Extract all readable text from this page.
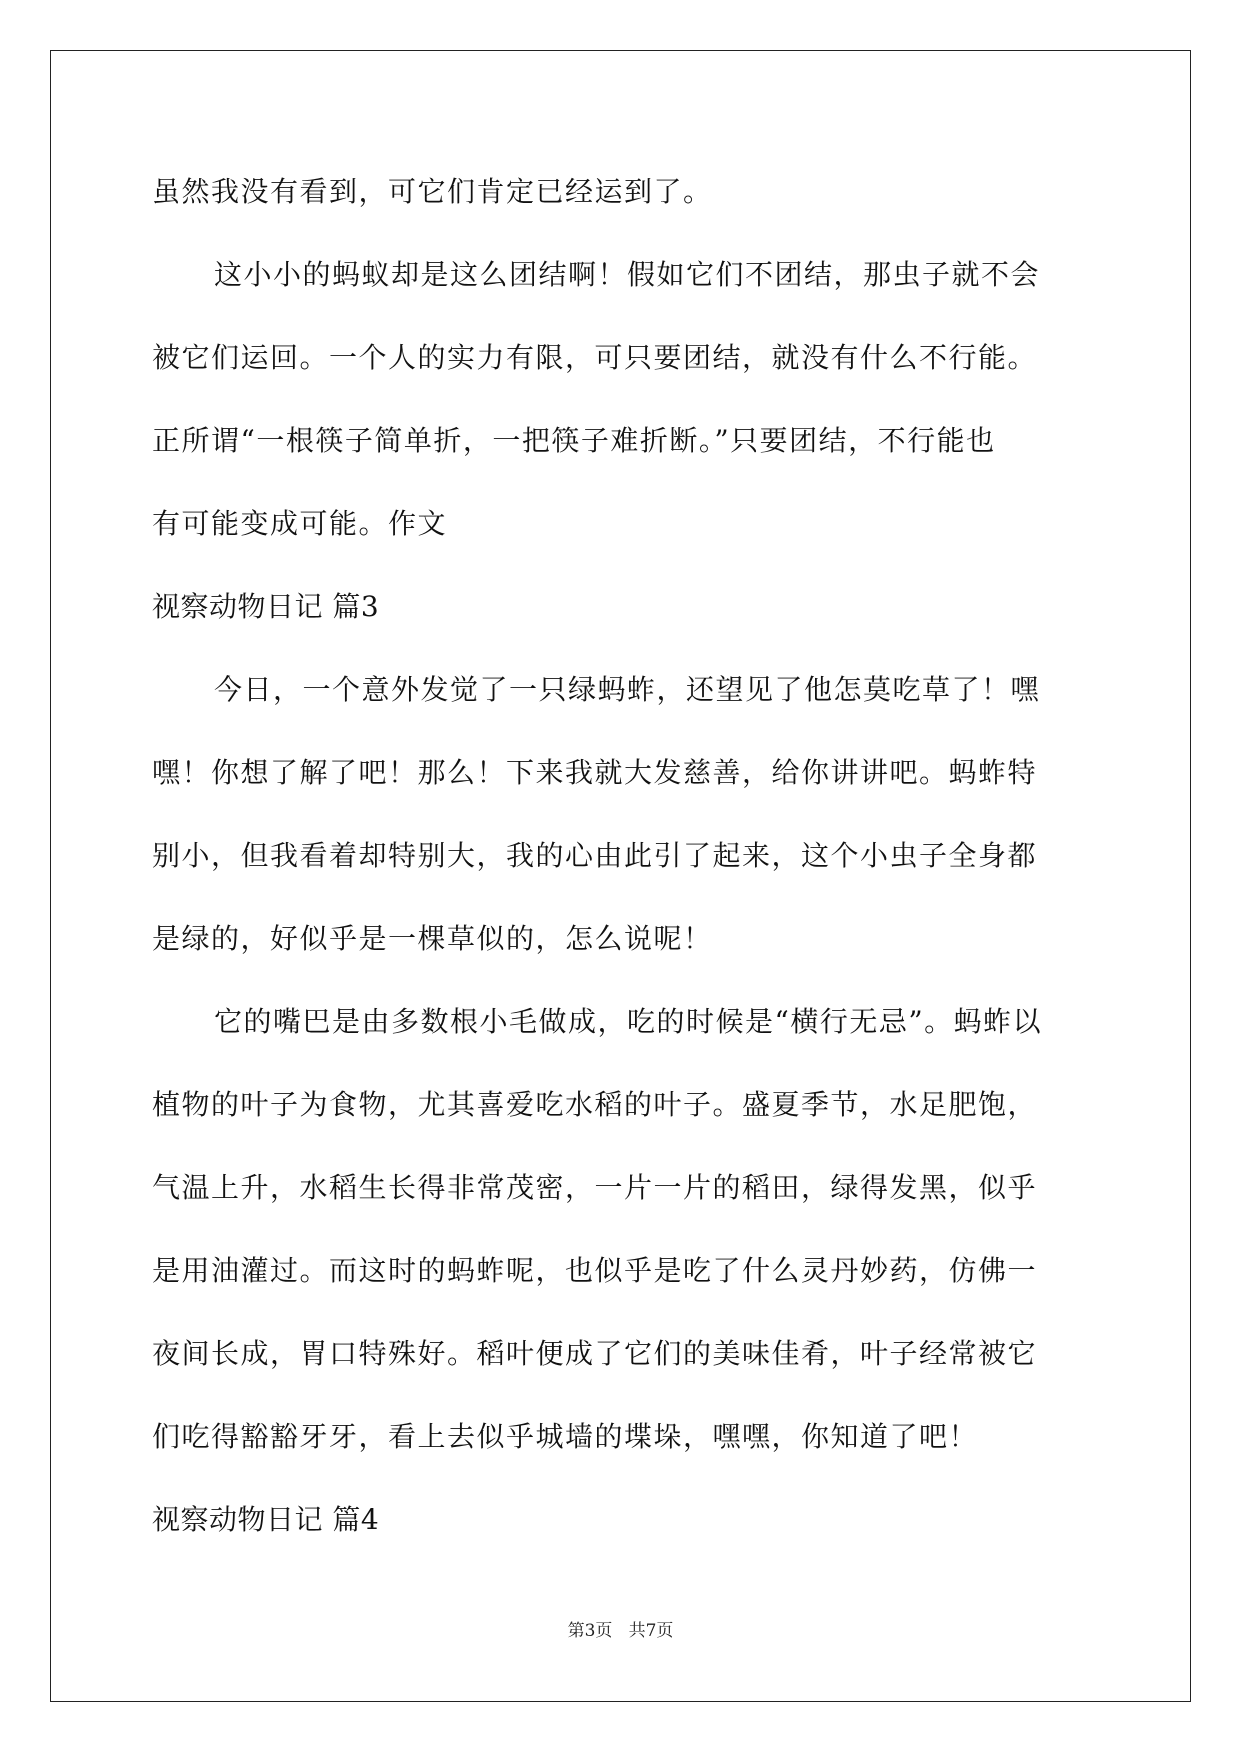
虽然我没有看到，可它们肯定已经运到了。

这小小的蚂蚁却是这么团结啊！假如它们不团结，那虫子就不会

被它们运回。一个人的实力有限，可只要团结，就没有什么不行能。

正所谓“一根筷子简单折，一把筷子难折断。”只要团结，不行能也

有可能变成可能。作文

视察动物日记 篇3

今日，一个意外发觉了一只绿蚂蚱，还望见了他怎莫吃草了！嘿

嘿！你想了解了吧！那么！下来我就大发慈善，给你讲讲吧。蚂蚱特

别小，但我看着却特别大，我的心由此引了起来，这个小虫子全身都

是绿的，好似乎是一棵草似的，怎么说呢！

它的嘴巴是由多数根小毛做成，吃的时候是“横行无忌”。蚂蚱以

植物的叶子为食物，尤其喜爱吃水稻的叶子。盛夏季节，水足肥饱，

气温上升，水稻生长得非常茂密，一片一片的稻田，绿得发黑，似乎

是用油灌过。而这时的蚂蚱呢，也似乎是吃了什么灵丹妙药，仿佛一

夜间长成，胃口特殊好。稻叶便成了它们的美味佳肴，叶子经常被它

们吃得豁豁牙牙，看上去似乎城墙的堞垛，嘿嘿，你知道了吧！

视察动物日记 篇4

第3页   共7页
